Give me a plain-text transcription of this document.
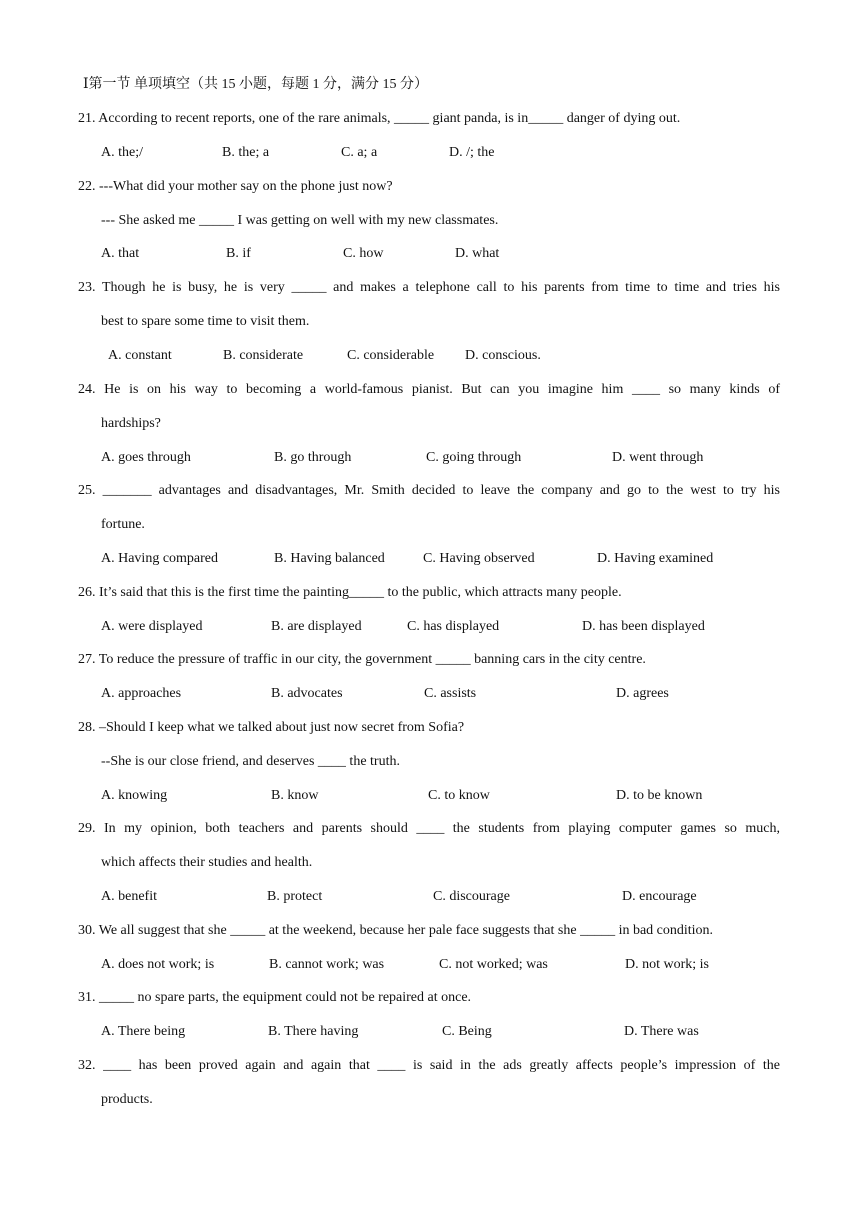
Ⅰ第一节 单项填空（共 15 小题，每题 1 分，满分 15 分）
21. According to recent reports, one of the rare animals, _____ giant panda, is in_____ danger of dying out.
A. the;/	B. the; a	C. a; a	D. /; the
22. ---What did your mother say on the phone just now?
--- She asked me _____ I was getting on well with my new classmates.
A. that	B. if	C. how	D. what
23. Though he is busy, he is very _____ and makes a telephone call to his parents from time to time and tries his
best to spare some time to visit them.
A. constant	B. considerate	C. considerable D. conscious.
24. He is on his way to becoming a world-famous pianist. But can you imagine him ____ so many kinds of
hardships?
A. goes through	B. go through	C. going through	D. went through
25. _______ advantages and disadvantages, Mr. Smith decided to leave the company and go to the west to try his
fortune.
A. Having compared	B. Having balanced	C. Having observed	D. Having examined
26. It’s said that this is the first time the painting_____ to the public, which attracts many people.
A. were displayed	B. are displayed	C. has displayed	D. has been displayed
27. To reduce the pressure of traffic in our city, the government _____ banning cars in the city centre.
A. approaches	B. advocates	C. assists	D. agrees
28. –Should I keep what we talked about just now secret from Sofia?
--She is our close friend, and deserves ____ the truth.
A. knowing	B. know	C. to know	D. to be known
29. In my opinion, both teachers and parents should ____ the students from playing computer games so much,
which affects their studies and health.
A. benefit	B. protect	C. discourage	D. encourage
30. We all suggest that she _____ at the weekend, because her pale face suggests that she _____ in bad condition.
A. does not work; is	B. cannot work; was	C. not worked; was	D. not work; is
31. _____ no spare parts, the equipment could not be repaired at once.
A. There being	B. There having	C. Being	D. There was
32. ____ has been proved again and again that ____ is said in the ads greatly affects people’s impression of the
products.
